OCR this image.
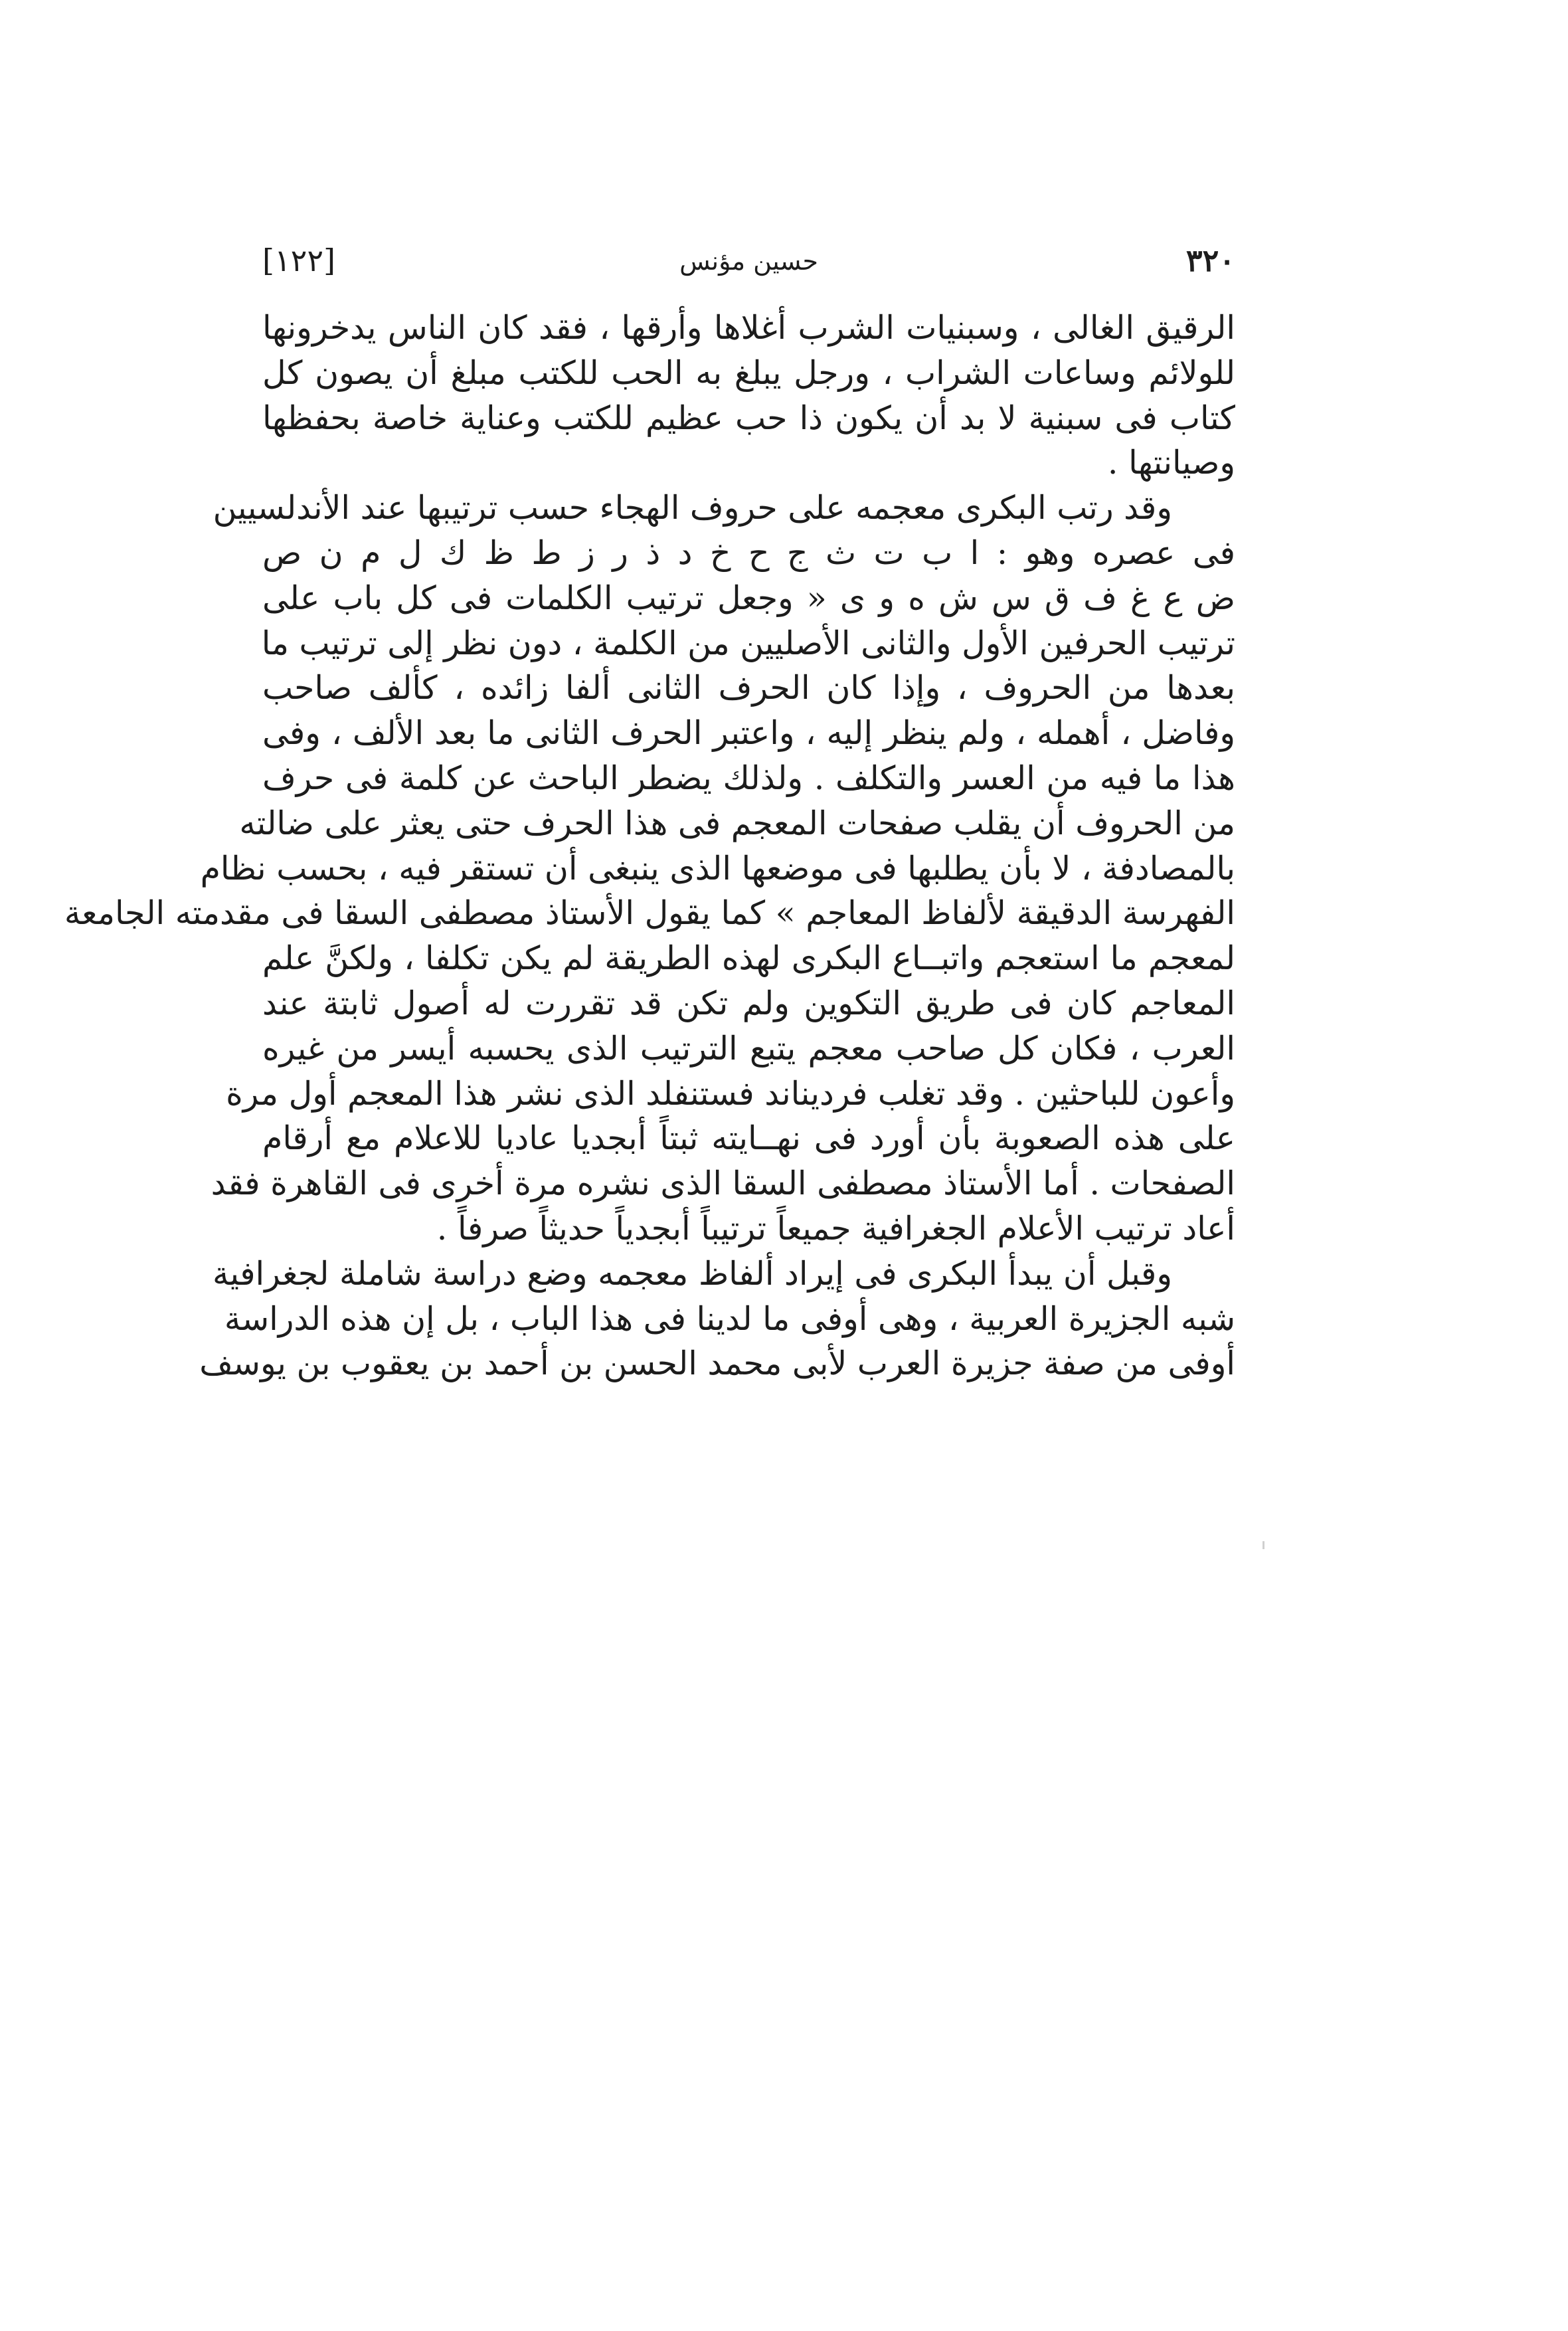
٣٢٠
حسين مؤنس
[١٢٢]
الرقيق الغالى ، وسبنيات الشرب أغلاها وأرقها ، فقد كان الناس يدخرونها
للولائم وساعات الشراب ، ورجل يبلغ به الحب للكتب مبلغ أن يصون كل
كتاب فى سبنية لا بد أن يكون ذا حب عظيم للكتب وعناية خاصة بحفظها
وصيانتها .
وقد رتب البكرى معجمه على حروف الهجاء حسب ترتيبها عند الأندلسيين
فى عصره وهو : ا ب ت ث ج ح خ د ذ ر ز ط ظ ك ل م ن ص
ض ع غ ف ق س ش ه و ى « وجعل ترتيب الكلمات فى كل باب على
ترتيب الحرفين الأول والثانى الأصليين من الكلمة ، دون نظر إلى ترتيب ما
بعدها من الحروف ، وإذا كان الحرف الثانى ألفا زائده ، كألف صاحب
وفاضل ، أهمله ، ولم ينظر إليه ، واعتبر الحرف الثانى ما بعد الألف ، وفى
هذا ما فيه من العسر والتكلف . ولذلك يضطر الباحث عن كلمة فى حرف
من الحروف أن يقلب صفحات المعجم فى هذا الحرف حتى يعثر على ضالته
بالمصادفة ، لا بأن يطلبها فى موضعها الذى ينبغى أن تستقر فيه ، بحسب نظام
الفهرسة الدقيقة لألفاظ المعاجم » كما يقول الأستاذ مصطفى السقا فى مقدمته الجامعة
لمعجم ما استعجم واتبــاع البكرى لهذه الطريقة لم يكن تكلفا ، ولكنَّ علم
المعاجم كان فى طريق التكوين ولم تكن قد تقررت له أصول ثابتة عند
العرب ، فكان كل صاحب معجم يتبع الترتيب الذى يحسبه أيسر من غيره
وأعون للباحثين . وقد تغلب فرديناند فستنفلد الذى نشر هذا المعجم أول مرة
على هذه الصعوبة بأن أورد فى نهــايته ثبتاً أبجديا عاديا للاعلام مع أرقام
الصفحات . أما الأستاذ مصطفى السقا الذى نشره مرة أخرى فى القاهرة فقد
أعاد ترتيب الأعلام الجغرافية جميعاً ترتيباً أبجدياً حديثاً صرفاً .
وقبل أن يبدأ البكرى فى إيراد ألفاظ معجمه وضع دراسة شاملة لجغرافية
شبه الجزيرة العربية ، وهى أوفى ما لدينا فى هذا الباب ، بل إن هذه الدراسة
أوفى من صفة جزيرة العرب لأبى محمد الحسن بن أحمد بن يعقوب بن يوسف
